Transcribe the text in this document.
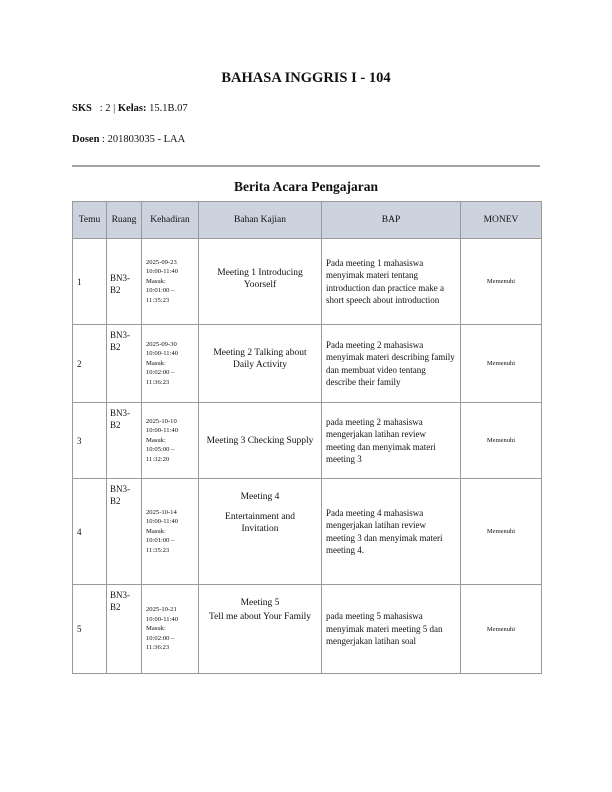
BAHASA INGGRIS I - 104
SKS : 2 | Kelas: 15.1B.07
Dosen : 201803035 - LAA
Berita Acara Pengajaran
Temu	Ruang	Kehadiran	Bahan Kajian	BAP	MONEV
1	BN3-B2	2025-09-23
10:00-11:40
Masuk:
10:01:00 –
11:35:23	Meeting 1 Introducing
Yoorself	Pada meeting 1 mahasiswa menyimak materi tentang introduction dan practice make a short speech about introduction	Memenuhi
2	BN3-B2	2025-09-30
10:00-11:40
Masuk:
10:02:00 –
11:36:23	Meeting 2 Talking about
Daily Activity	Pada meeting 2 mahasiswa menyimak materi describing family dan membuat video tentang describe their family	Memenuhi
3	BN3-B2	2025-10-10
10:00-11:40
Masuk:
10:05:00 –
11:32:20	Meeting 3 Checking Supply	pada meeting 2 mahasiswa mengerjakan latihan review meeting dan menyimak materi meeting 3	Memenuhi
4	BN3-B2	2025-10-14
10:00-11:40
Masuk:
10:01:00 –
11:35:23	Meeting 4
Entertainment and
Invitation	Pada meeting 4 mahasiswa mengerjakan latihan review meeting 3 dan menyimak materi meeting 4.	Memenuhi
5	BN3-B2	2025-10-21
10:00-11:40
Masuk:
10:02:00 –
11:36:23	Meeting 5
Tell me about Your Family	pada meeting 5 mahasiswa menyimak materi meeting 5 dan mengerjakan latihan soal	Memenuhi
